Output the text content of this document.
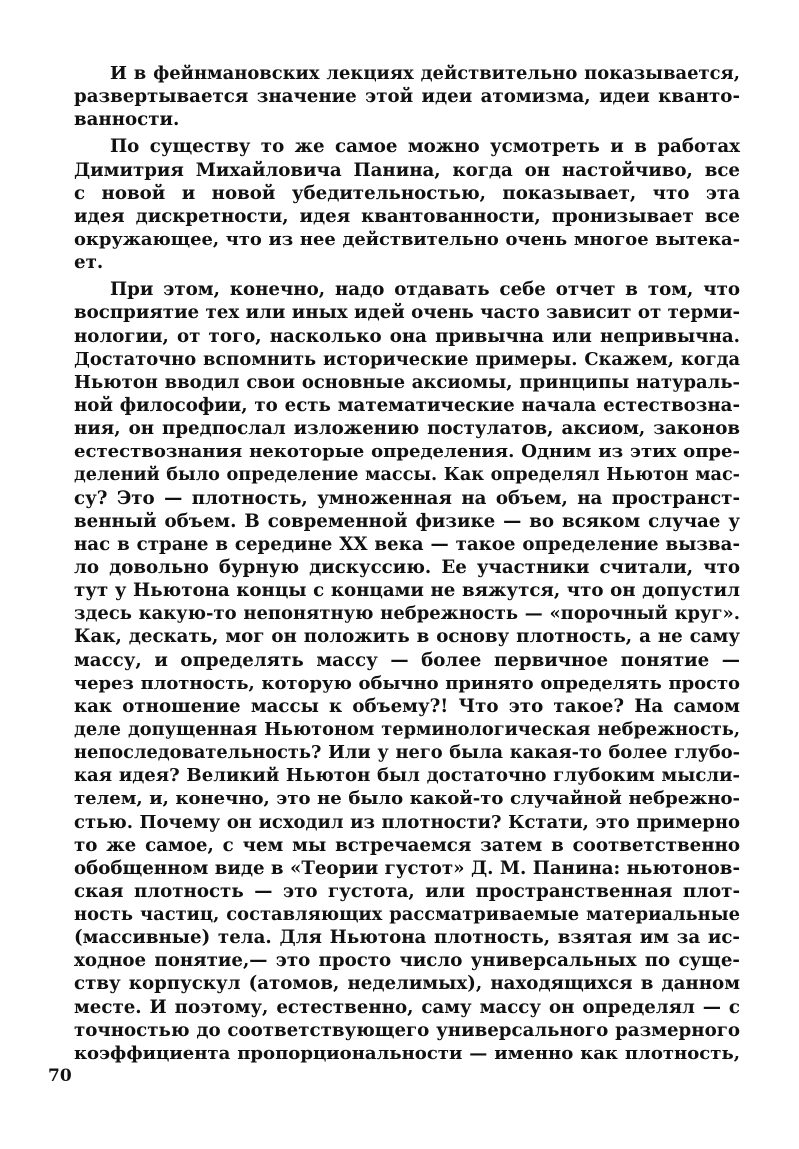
И в фейнмановских лекциях действительно показывается,
развертывается значение этой идеи атомизма, идеи кванто-
ванности.
По существу то же самое можно усмотреть и в работах
Димитрия Михайловича Панина, когда он настойчиво, все
с новой и новой убедительностью, показывает, что эта
идея дискретности, идея квантованности, пронизывает все
окружающее, что из нее действительно очень многое вытека-
ет.
При этом, конечно, надо отдавать себе отчет в том, что
восприятие тех или иных идей очень часто зависит от терми-
нологии, от того, насколько она привычна или непривычна.
Достаточно вспомнить исторические примеры. Скажем, когда
Ньютон вводил свои основные аксиомы, принципы натураль-
ной философии, то есть математические начала естествозна-
ния, он предпослал изложению постулатов, аксиом, законов
естествознания некоторые определения. Одним из этих опре-
делений было определение массы. Как определял Ньютон мас-
су? Это — плотность, умноженная на объем, на пространст-
венный объем. В современной физике — во всяком случае у
нас в стране в середине XX века — такое определение вызва-
ло довольно бурную дискуссию. Ее участники считали, что
тут у Ньютона концы с концами не вяжутся, что он допустил
здесь какую-то непонятную небрежность — «порочный круг».
Как, дескать, мог он положить в основу плотность, а не саму
массу, и определять массу — более первичное понятие —
через плотность, которую обычно принято определять просто
как отношение массы к объему?! Что это такое? На самом
деле допущенная Ньютоном терминологическая небрежность,
непоследовательность? Или у него была какая-то более глубо-
кая идея? Великий Ньютон был достаточно глубоким мысли-
телем, и, конечно, это не было какой-то случайной небрежно-
стью. Почему он исходил из плотности? Кстати, это примерно
то же самое, с чем мы встречаемся затем в соответственно
обобщенном виде в «Теории густот» Д. М. Панина: ньютонов-
ская плотность — это густота, или пространственная плот-
ность частиц, составляющих рассматриваемые материальные
(массивные) тела. Для Ньютона плотность, взятая им за ис-
ходное понятие,— это просто число универсальных по суще-
ству корпускул (атомов, неделимых), находящихся в данном
месте. И поэтому, естественно, саму массу он определял — с
точностью до соответствующего универсального размерного
коэффициента пропорциональности — именно как плотность,
70
